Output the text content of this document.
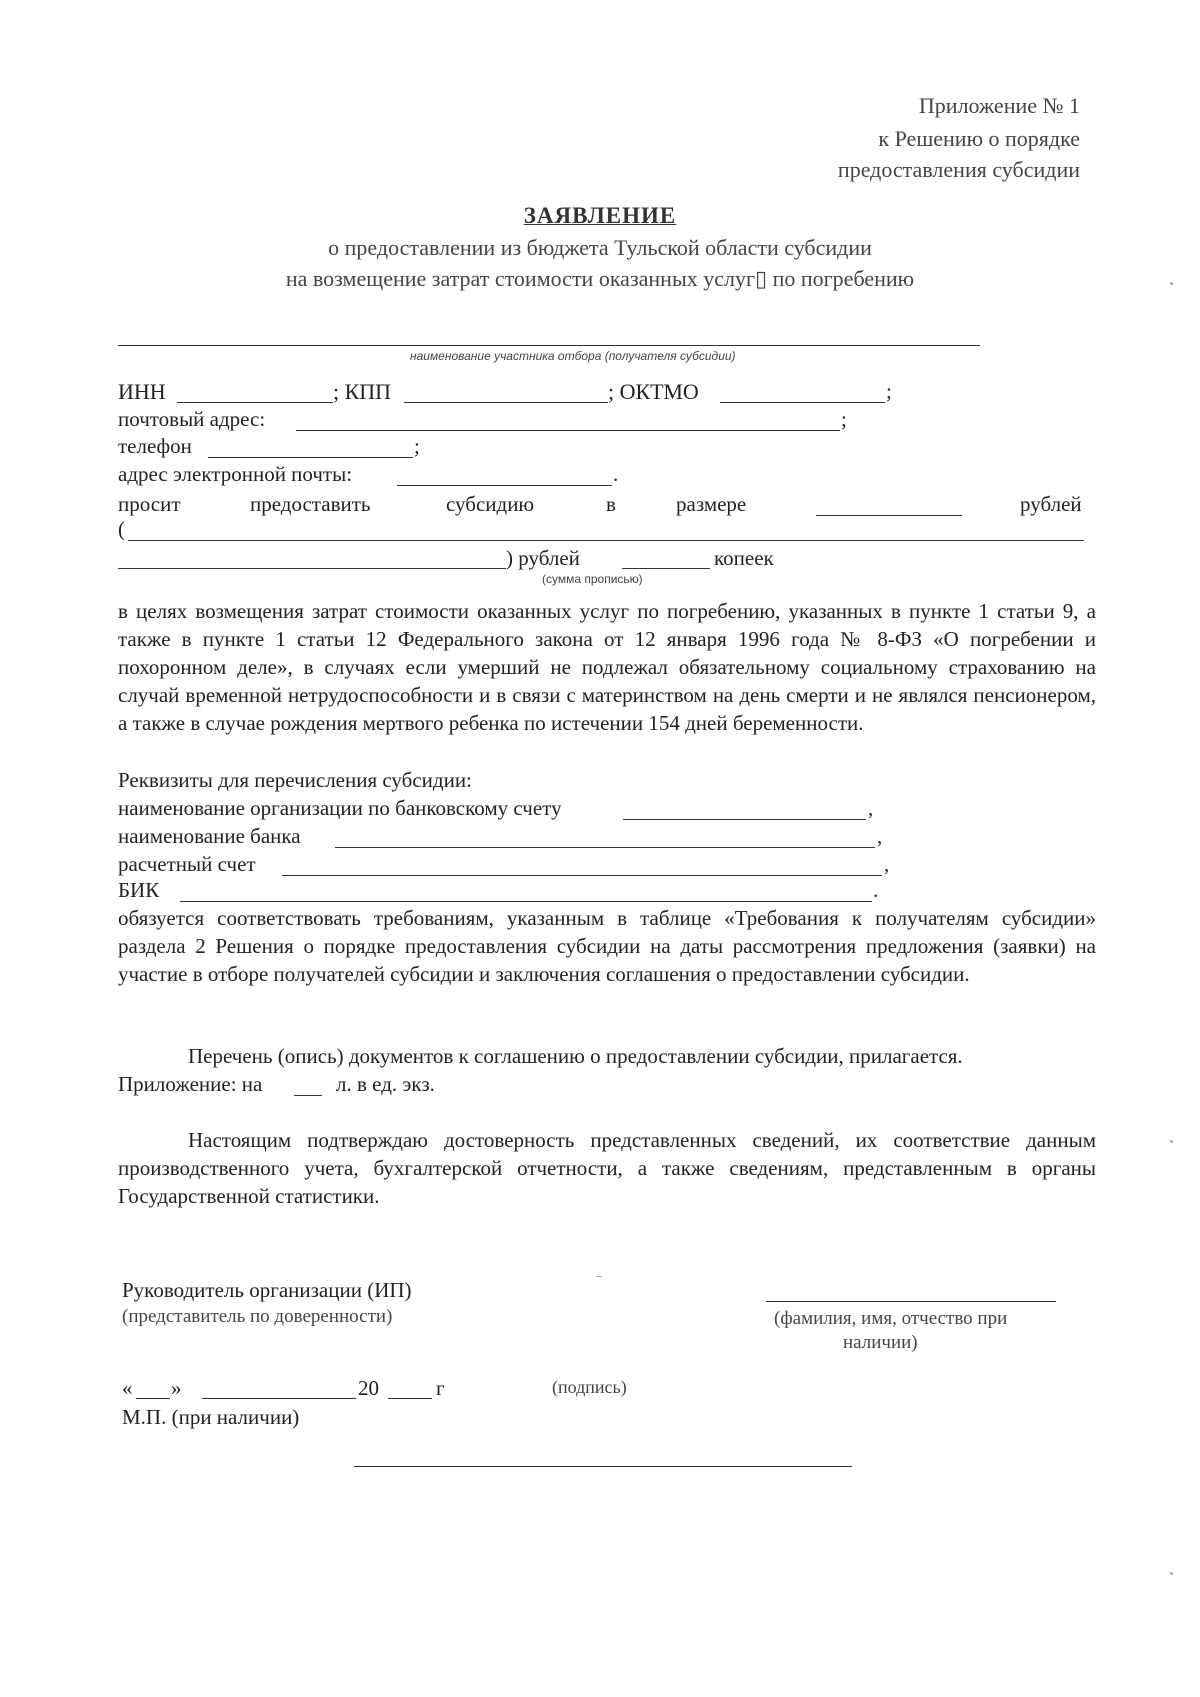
Приложение № 1
к Решению о порядке
предоставления субсидии
ЗАЯВЛЕНИЕ
о предоставлении из бюджета Тульской области субсидии
на возмещение затрат стоимости оказанных услуг▯ по погребению
наименование участника отбора (получателя субсидии)
ИНН	; КПП	; ОКТМО	;
почтовый адрес:	;
телефон	;
адрес электронной почты:	.
просит	предоставить	субсидию	в	размере	рублей
(
) рублей	копеек
(сумма прописью)

в целях возмещения затрат стоимости оказанных услуг по погребению, указанных в пункте 1 статьи 9, а также в пункте 1 статьи 12 Федерального закона от 12 января 1996 года № 8-ФЗ «О погребении и похоронном деле», в случаях если умерший не подлежал обязательному социальному страхованию на случай временной нетрудоспособности и в связи с материнством на день смерти и не являлся пенсионером, а также в случае рождения мертвого ребенка по истечении 154 дней беременности.

Реквизиты для перечисления субсидии:
наименование организации по банковскому счету	,
наименование банка	,
расчетный счет	,
БИК	.

обязуется соответствовать требованиям, указанным в таблице «Требования к получателям субсидии» раздела 2 Решения о порядке предоставления субсидии на даты рассмотрения предложения (заявки) на участие в отборе получателей субсидии и заключения соглашения о предоставлении субсидии.

Перечень (опись) документов к соглашению о предоставлении субсидии, прилагается.
Приложение: на	л. в ед. экз.

Настоящим подтверждаю достоверность представленных сведений, их соответствие данным производственного учета, бухгалтерской отчетности, а также сведениям, представленным в органы Государственной статистики.

Руководитель организации (ИП)
(представитель по доверенности)	(фамилия, имя, отчество при
наличии)
« »	20	г	(подпись)
М.П. (при наличии)
